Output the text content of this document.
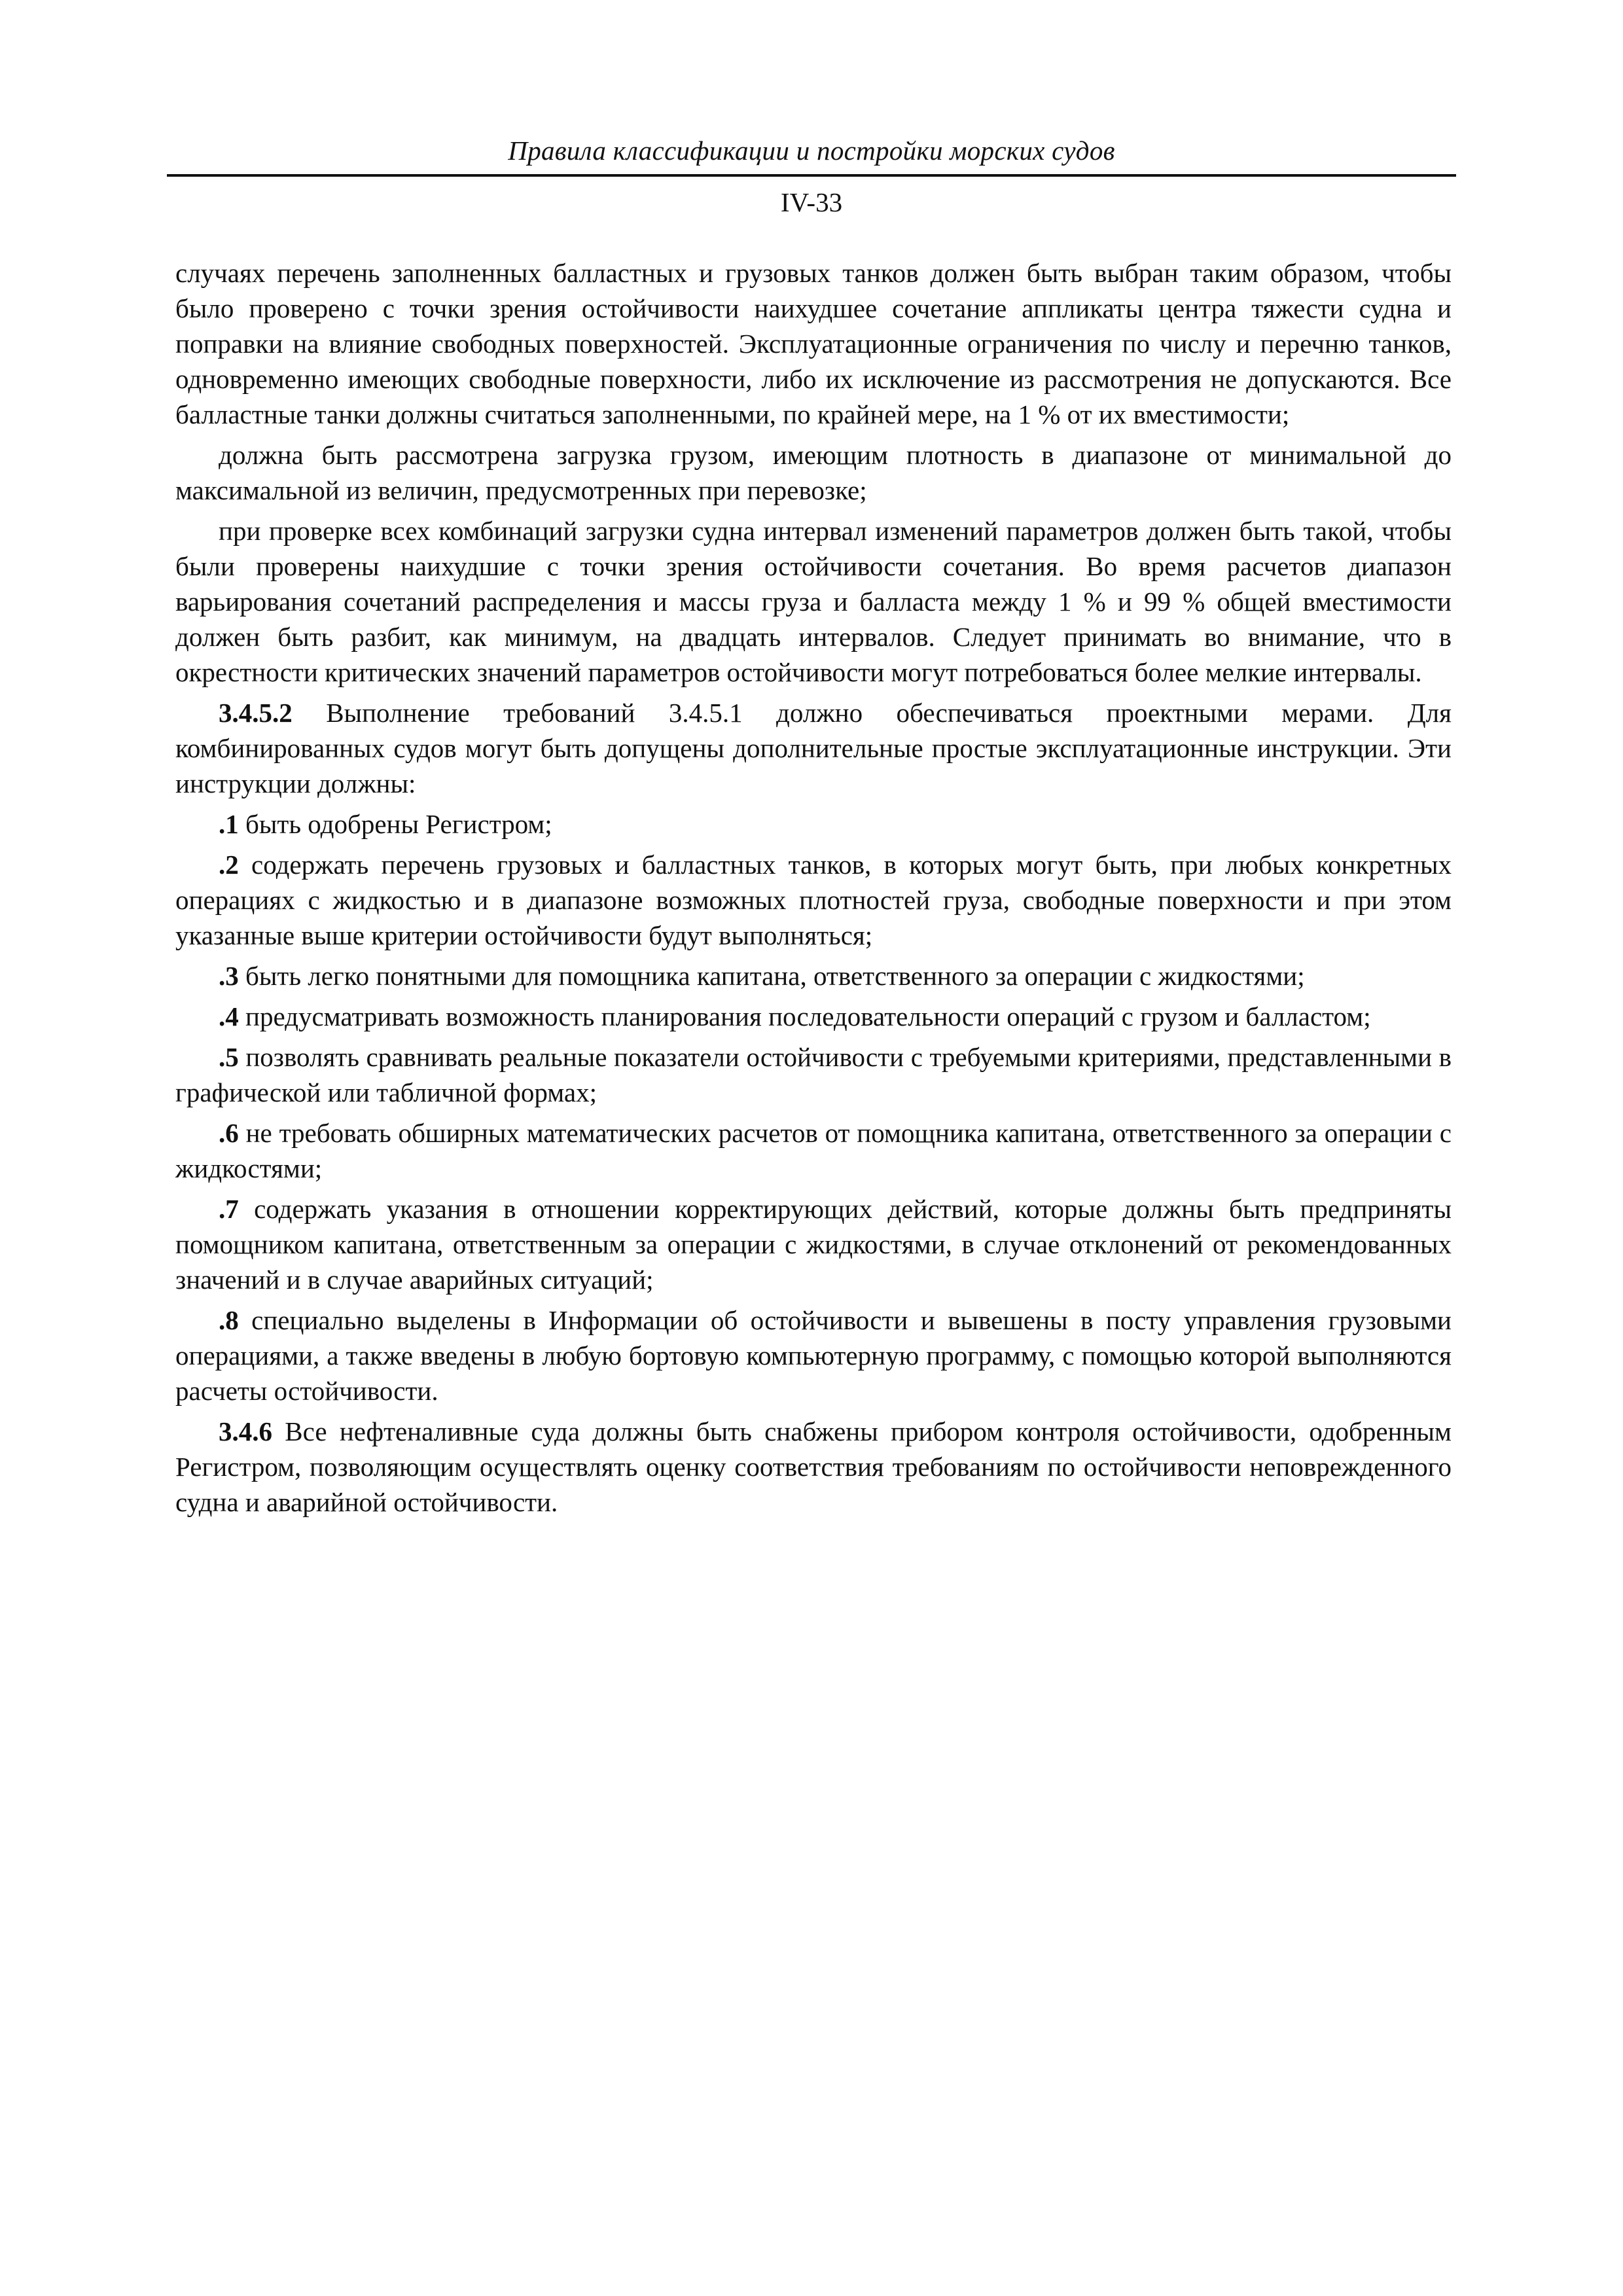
Правила классификации и постройки морских судов
IV-33

случаях перечень заполненных балластных и грузовых танков должен быть выбран таким образом, чтобы было проверено с точки зрения остойчивости наихудшее сочетание аппликаты центра тяжести судна и поправки на влияние свободных поверхностей. Эксплуатационные ограничения по числу и перечню танков, одновременно имеющих свободные поверхности, либо их исключение из рассмотрения не допускаются. Все балластные танки должны считаться заполненными, по крайней мере, на 1 % от их вместимости;

должна быть рассмотрена загрузка грузом, имеющим плотность в диапазоне от минимальной до максимальной из величин, предусмотренных при перевозке;

при проверке всех комбинаций загрузки судна интервал изменений параметров должен быть такой, чтобы были проверены наихудшие с точки зрения остойчивости сочетания. Во время расчетов диапазон варьирования сочетаний распределения и массы груза и балласта между 1 % и 99 % общей вместимости должен быть разбит, как минимум, на двадцать интервалов. Следует принимать во внимание, что в окрестности критических значений параметров остойчивости могут потребоваться более мелкие интервалы.

3.4.5.2 Выполнение требований 3.4.5.1 должно обеспечиваться проектными мерами. Для комбинированных судов могут быть допущены дополнительные простые эксплуатационные инструкции. Эти инструкции должны:

.1 быть одобрены Регистром;

.2 содержать перечень грузовых и балластных танков, в которых могут быть, при любых конкретных операциях с жидкостью и в диапазоне возможных плотностей груза, свободные поверхности и при этом указанные выше критерии остойчивости будут выполняться;

.3 быть легко понятными для помощника капитана, ответственного за операции с жидкостями;

.4 предусматривать возможность планирования последовательности операций с грузом и балластом;

.5 позволять сравнивать реальные показатели остойчивости с требуемыми критериями, представленными в графической или табличной формах;

.6 не требовать обширных математических расчетов от помощника капитана, ответственного за операции с жидкостями;

.7 содержать указания в отношении корректирующих действий, которые должны быть предприняты помощником капитана, ответственным за операции с жидкостями, в случае отклонений от рекомендованных значений и в случае аварийных ситуаций;

.8 специально выделены в Информации об остойчивости и вывешены в посту управления грузовыми операциями, а также введены в любую бортовую компьютерную программу, с помощью которой выполняются расчеты остойчивости.

3.4.6 Все нефтеналивные суда должны быть снабжены прибором контроля остойчивости, одобренным Регистром, позволяющим осуществлять оценку соответствия требованиям по остойчивости неповрежденного судна и аварийной остойчивости.
